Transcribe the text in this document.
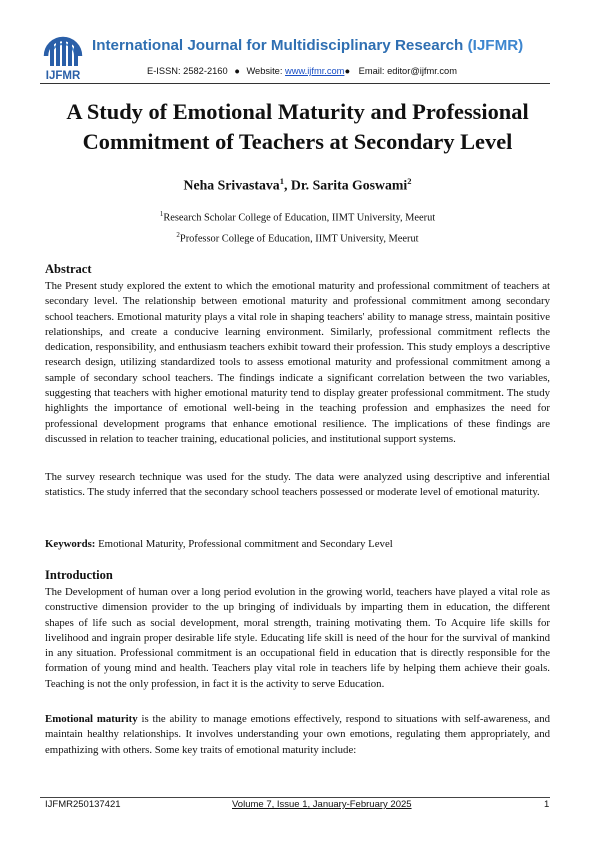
IJFMR
International Journal for Multidisciplinary Research (IJFMR)
E-ISSN: 2582-2160 ● Website: www.ijfmr.com● Email: editor@ijfmr.com
A Study of Emotional Maturity and Professional Commitment of Teachers at Secondary Level
Neha Srivastava$^1$, Dr. Sarita Goswami$^2$
$^1$Research Scholar College of Education, IIMT University, Meerut
$^2$Professor College of Education, IIMT University, Meerut
Abstract

The Present study explored the extent to which the emotional maturity and professional commitment of teachers at secondary level. The relationship between emotional maturity and professional commitment among secondary school teachers. Emotional maturity plays a vital role in shaping teachers' ability to manage stress, maintain positive relationships, and create a conducive learning environment. Similarly, professional commitment reflects the dedication, responsibility, and enthusiasm teachers exhibit toward their profession. This study employs a descriptive research design, utilizing standardized tools to assess emotional maturity and professional commitment among a sample of secondary school teachers. The findings indicate a significant correlation between the two variables, suggesting that teachers with higher emotional maturity tend to display greater professional commitment. The study highlights the importance of emotional well-being in the teaching profession and emphasizes the need for professional development programs that enhance emotional resilience. The implications of these findings are discussed in relation to teacher training, educational policies, and institutional support systems.

The survey research technique was used for the study. The data were analyzed using descriptive and inferential statistics. The study inferred that the secondary school teachers possessed or moderate level of emotional maturity.

Keywords: Emotional Maturity, Professional commitment and Secondary Level

Introduction

The Development of human over a long period evolution in the growing world, teachers have played a vital role as constructive dimension provider to the up bringing of individuals by imparting them in education, the different shapes of life such as social development, moral strength, training motivating them. To Acquire life skills for livelihood and ingrain proper desirable life style. Educating life skill is need of the hour for the survival of mankind in any situation. Professional commitment is an occupational field in education that is directly responsible for the formation of young mind and health. Teachers play vital role in teachers life by helping them achieve their goals. Teaching is not the only profession, in fact it is the activity to serve Education.

Emotional maturity is the ability to manage emotions effectively, respond to situations with self-awareness, and maintain healthy relationships. It involves understanding your own emotions, regulating them appropriately, and empathizing with others. Some key traits of emotional maturity include:

IJFMR250137421	Volume 7, Issue 1, January-February 2025	1
